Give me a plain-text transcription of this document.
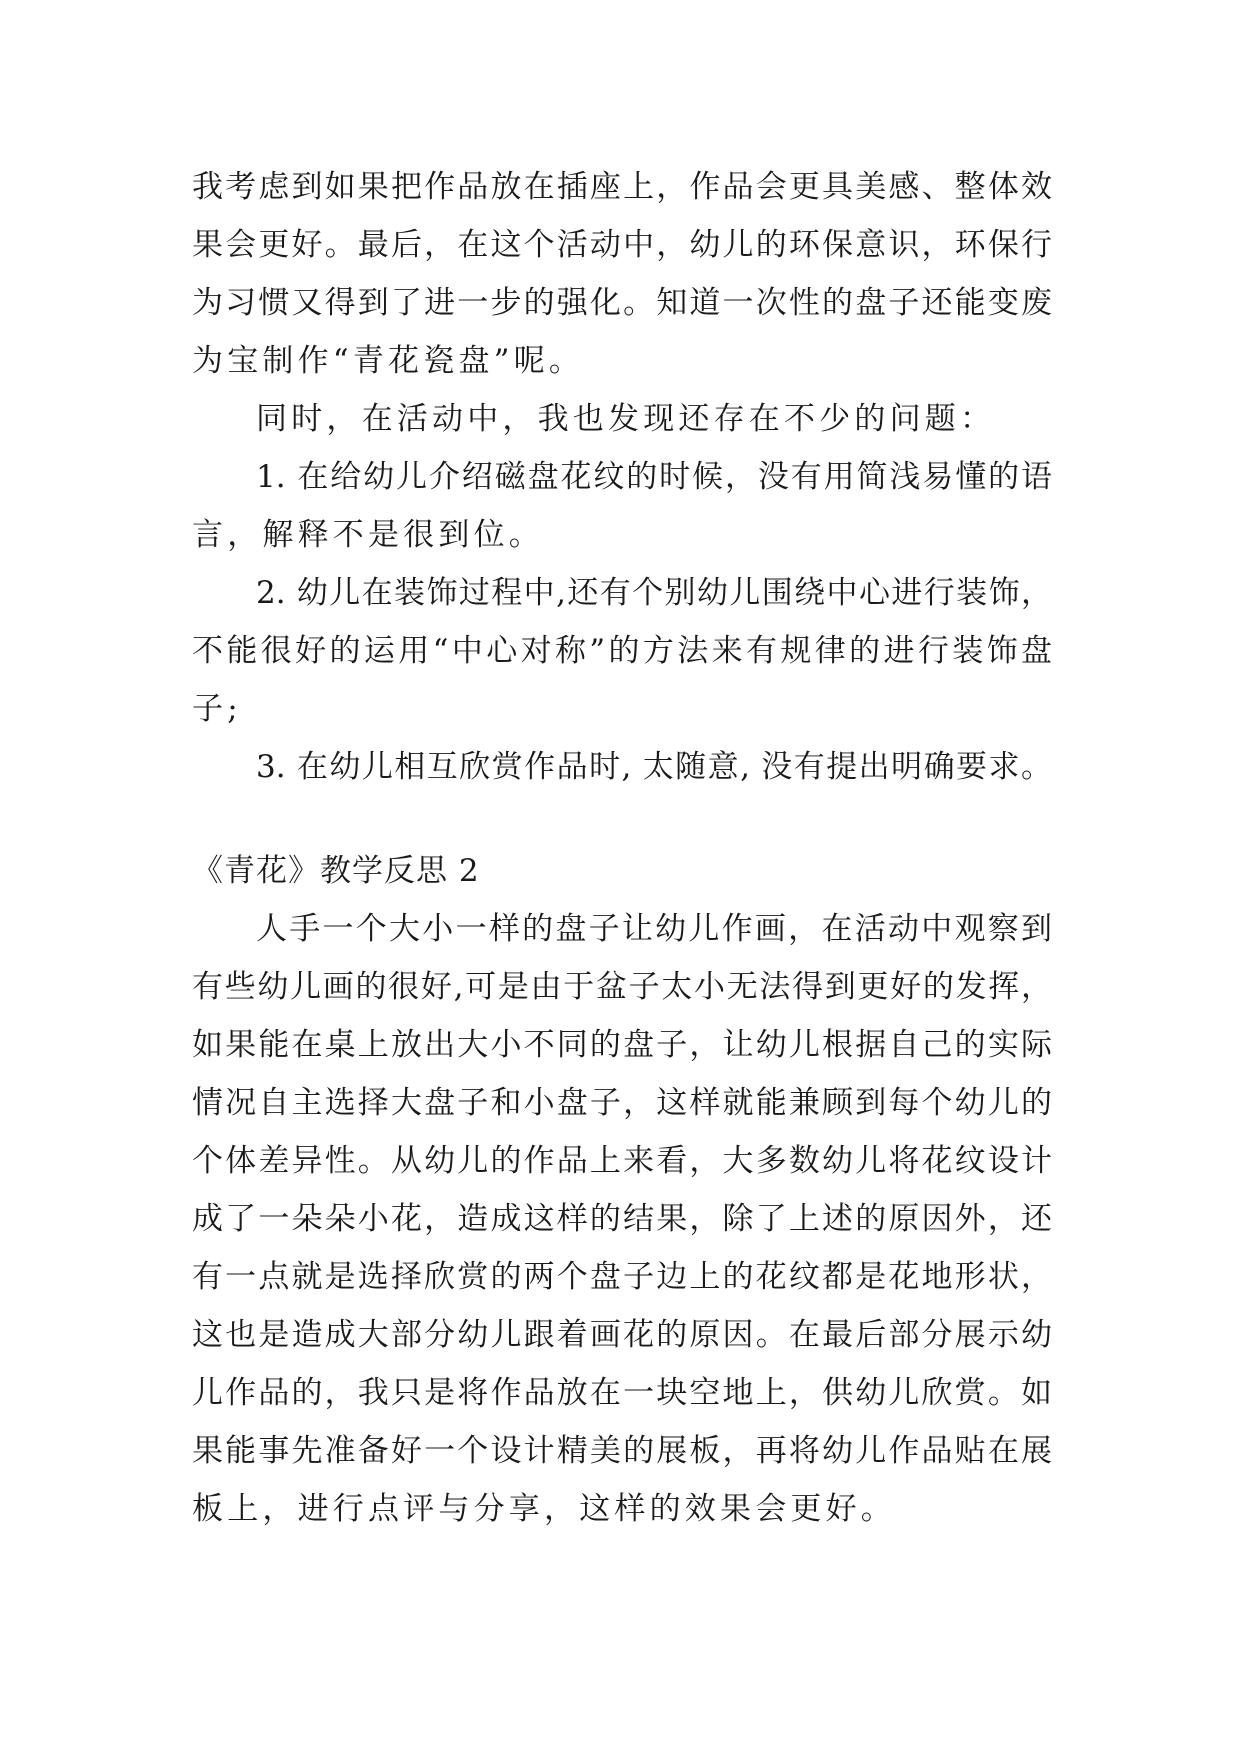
我考虑到如果把作品放在插座上，作品会更具美感、整体效
果会更好。最后，在这个活动中，幼儿的环保意识，环保行
为习惯又得到了进一步的强化。知道一次性的盘子还能变废
为宝制作“青花瓷盘”呢。
同时，在活动中，我也发现还存在不少的问题：
1. 在给幼儿介绍磁盘花纹的时候，没有用简浅易懂的语
言，解释不是很到位。
2. 幼儿在装饰过程中,还有个别幼儿围绕中心进行装饰，
不能很好的运用“中心对称”的方法来有规律的进行装饰盘
子;
3. 在幼儿相互欣赏作品时, 太随意, 没有提出明确要求。
《青花》教学反思 2
人手一个大小一样的盘子让幼儿作画，在活动中观察到
有些幼儿画的很好,可是由于盆子太小无法得到更好的发挥，
如果能在桌上放出大小不同的盘子，让幼儿根据自己的实际
情况自主选择大盘子和小盘子，这样就能兼顾到每个幼儿的
个体差异性。从幼儿的作品上来看，大多数幼儿将花纹设计
成了一朵朵小花，造成这样的结果，除了上述的原因外，还
有一点就是选择欣赏的两个盘子边上的花纹都是花地形状，
这也是造成大部分幼儿跟着画花的原因。在最后部分展示幼
儿作品的，我只是将作品放在一块空地上，供幼儿欣赏。如
果能事先准备好一个设计精美的展板，再将幼儿作品贴在展
板上，进行点评与分享，这样的效果会更好。
